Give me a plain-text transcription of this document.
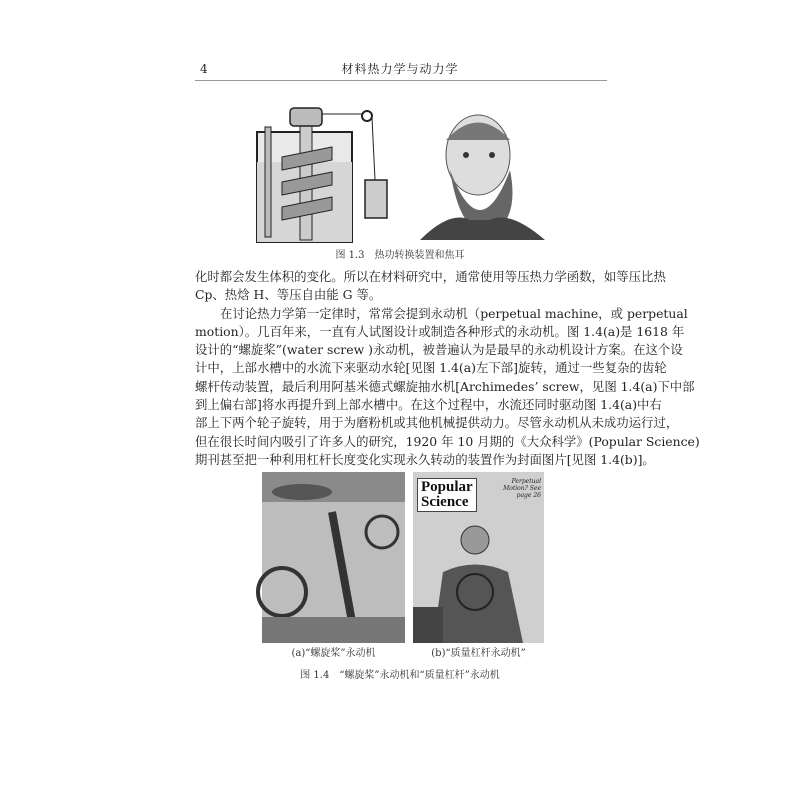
4	材料热力学与动力学
图 1.3　热功转换装置和焦耳
化时都会发生体积的变化。所以在材料研究中，通常使用等压热力学函数，如等压比热
Cp、热焓 H、等压自由能 G 等。
在讨论热力学第一定律时，常常会提到永动机（perpetual machine，或 perpetual
motion）。几百年来，一直有人试图设计或制造各种形式的永动机。图 1.4(a)是 1618 年
设计的“螺旋桨”(water screw )永动机，被普遍认为是最早的永动机设计方案。在这个设
计中，上部水槽中的水流下来驱动水轮[见图 1.4(a)左下部]旋转，通过一些复杂的齿轮
螺杆传动装置，最后利用阿基米德式螺旋抽水机[Archimedes’ screw，见图 1.4(a)下中部
到上偏右部]将水再提升到上部水槽中。在这个过程中，水流还同时驱动图 1.4(a)中右
部上下两个轮子旋转，用于为磨粉机或其他机械提供动力。尽管永动机从未成功运行过，
但在很长时间内吸引了许多人的研究，1920 年 10 月期的《大众科学》(Popular Science)
期刊甚至把一种利用杠杆长度变化实现永久转动的装置作为封面图片[见图 1.4(b)]。
Popular
Science
Perpetual Motion? See page 26
(a)“螺旋桨”永动机	(b)“质量杠杆永动机”
图 1.4　“螺旋桨”永动机和“质量杠杆”永动机
